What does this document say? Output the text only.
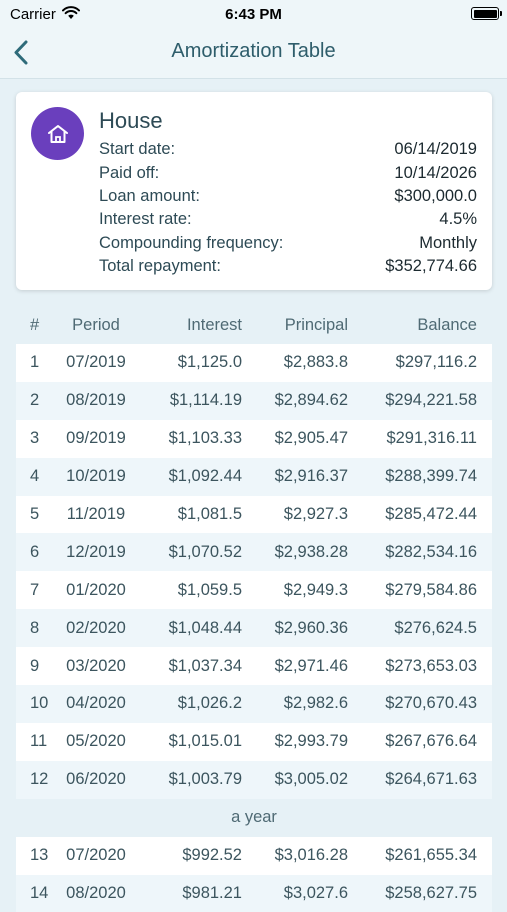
Carrier	6:43 PM
Amortization Table
House
Start date:	06/14/2019
Paid off:	10/14/2026
Loan amount:	$300,000.0
Interest rate:	4.5%
Compounding frequency:	Monthly
Total repayment:	$352,774.66
#	Period	Interest	Principal	Balance
1	07/2019	$1,125.0	$2,883.8	$297,116.2
2	08/2019	$1,114.19	$2,894.62	$294,221.58
3	09/2019	$1,103.33	$2,905.47	$291,316.11
4	10/2019	$1,092.44	$2,916.37	$288,399.74
5	11/2019	$1,081.5	$2,927.3	$285,472.44
6	12/2019	$1,070.52	$2,938.28	$282,534.16
7	01/2020	$1,059.5	$2,949.3	$279,584.86
8	02/2020	$1,048.44	$2,960.36	$276,624.5
9	03/2020	$1,037.34	$2,971.46	$273,653.03
10	04/2020	$1,026.2	$2,982.6	$270,670.43
11	05/2020	$1,015.01	$2,993.79	$267,676.64
12	06/2020	$1,003.79	$3,005.02	$264,671.63
a year
13	07/2020	$992.52	$3,016.28	$261,655.34
14	08/2020	$981.21	$3,027.6	$258,627.75
